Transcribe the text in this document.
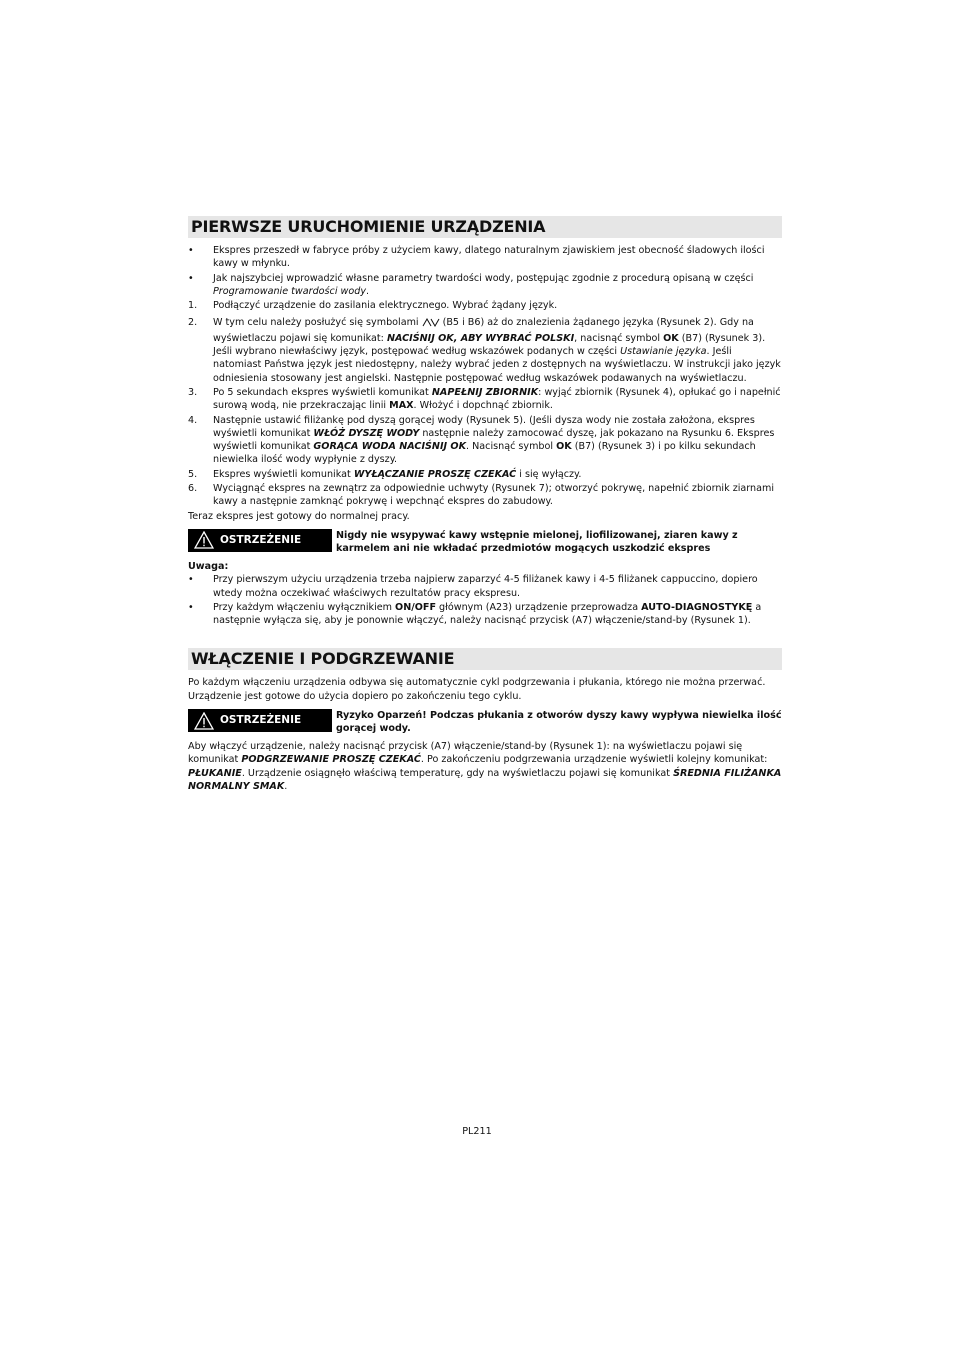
PIERWSZE URUCHOMIENIE URZĄDZENIA
•	Ekspres przeszedł w fabryce próby z użyciem kawy, dlatego naturalnym zjawiskiem jest obecność śladowych ilości kawy w młynku.
•	Jak najszybciej wprowadzić własne parametry twardości wody, postępując zgodnie z procedurą opisaną w części Programowanie twardości wody.
1.	Podłączyć urządzenie do zasilania elektrycznego. Wybrać żądany język.
2.	W tym celu należy posłużyć się symbolami	(B5 i B6) aż do znalezienia żądanego języka (Rysunek 2). Gdy na wyświetlaczu pojawi się komunikat: NACIŚNIJ OK, ABY WYBRAĆ POLSKI, nacisnąć symbol OK (B7) (Rysunek 3). Jeśli wybrano niewłaściwy język, postępować według wskazówek podanych w części Ustawianie języka. Jeśli natomiast Państwa język jest niedostępny, należy wybrać jeden z dostępnych na wyświetlaczu. W instrukcji jako język odniesienia stosowany jest angielski. Następnie postępować według wskazówek podawanych na wyświetlaczu.
3.	Po 5 sekundach ekspres wyświetli komunikat NAPEŁNIJ ZBIORNIK: wyjąć zbiornik (Rysunek 4), opłukać go i napełnić surową wodą, nie przekraczając linii MAX. Włożyć i dopchnąć zbiornik.
4.	Następnie ustawić filiżankę pod dyszą gorącej wody (Rysunek 5). (Jeśli dysza wody nie została założona, ekspres wyświetli komunikat WŁÓŻ DYSZĘ WODY następnie należy zamocować dyszę, jak pokazano na Rysunku 6. Ekspres wyświetli komunikat GORĄCA WODA NACIŚNIJ OK. Nacisnąć symbol OK (B7) (Rysunek 3) i po kilku sekundach niewielka ilość wody wypłynie z dyszy.
5.	Ekspres wyświetli komunikat WYŁĄCZANIE PROSZĘ CZEKAĆ i się wyłączy.
6.	Wyciągnąć ekspres na zewnątrz za odpowiednie uchwyty (Rysunek 7); otworzyć pokrywę, napełnić zbiornik ziarnami kawy a następnie zamknąć pokrywę i wepchnąć ekspres do zabudowy.

Teraz ekspres jest gotowy do normalnej pracy.

OSTRZEŻENIE	Nigdy nie wsypywać kawy wstępnie mielonej, liofilizowanej, ziaren kawy z karmelem ani nie wkładać przedmiotów mogących uszkodzić ekspres

Uwaga:

•	Przy pierwszym użyciu urządzenia trzeba najpierw zaparzyć 4-5 filiżanek kawy i 4-5 filiżanek cappuccino, dopiero wtedy można oczekiwać właściwych rezultatów pracy ekspresu.
•	Przy każdym włączeniu wyłącznikiem ON/OFF głównym (A23) urządzenie przeprowadza AUTO-DIAGNOSTYKĘ a następnie wyłącza się, aby je ponownie włączyć, należy nacisnąć przycisk (A7) włączenie/stand-by (Rysunek 1).
WŁĄCZENIE I PODGRZEWANIE

Po każdym włączeniu urządzenia odbywa się automatycznie cykl podgrzewania i płukania, którego nie można przerwać. Urządzenie jest gotowe do użycia dopiero po zakończeniu tego cyklu.

OSTRZEŻENIE	Ryzyko Oparzeń! Podczas płukania z otworów dyszy kawy wypływa niewielka ilość gorącej wody.

Aby włączyć urządzenie, należy nacisnąć przycisk (A7) włączenie/stand-by (Rysunek 1): na wyświetlaczu pojawi się komunikat PODGRZEWANIE PROSZĘ CZEKAĆ. Po zakończeniu podgrzewania urządzenie wyświetli kolejny komunikat: PŁUKANIE. Urządzenie osiągnęło właściwą temperaturę, gdy na wyświetlaczu pojawi się komunikat ŚREDNIA FILIŻANKA NORMALNY SMAK.

PL211
